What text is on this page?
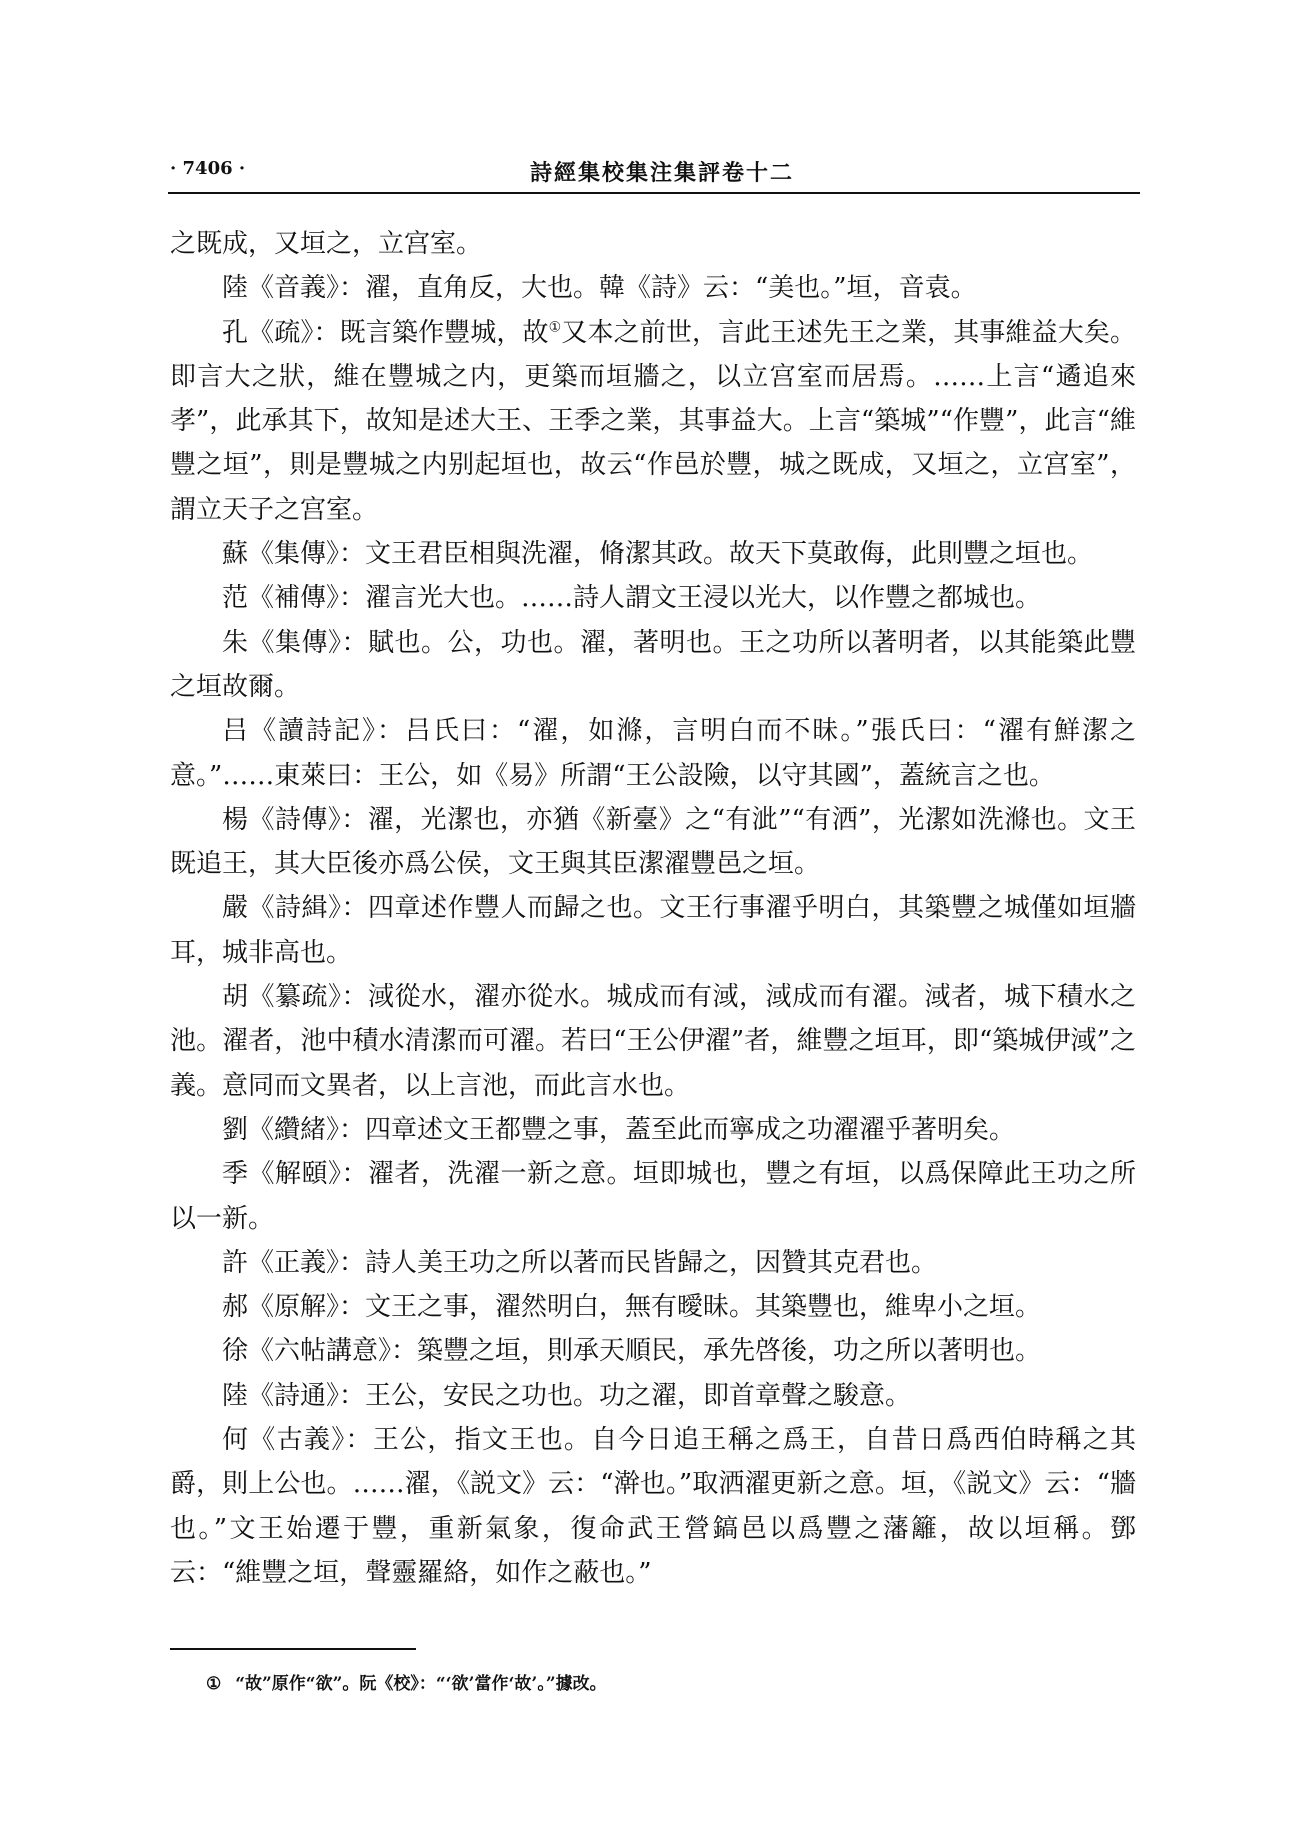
· 7406 ·	詩經集校集注集評卷十二

之既成，又垣之，立宫室。

陸《音義》：濯，直角反，大也。韓《詩》云：“美也。”垣，音袁。

孔《疏》：既言築作豐城，故①又本之前世，言此王述先王之業，其事維益大矣。即言大之狀，維在豐城之内，更築而垣牆之，以立宫室而居焉。……上言“遹追來孝”，此承其下，故知是述大王、王季之業，其事益大。上言“築城”“作豐”，此言“維豐之垣”，則是豐城之内别起垣也，故云“作邑於豐，城之既成，又垣之，立宫室”，謂立天子之宫室。

蘇《集傳》：文王君臣相與洗濯，脩潔其政。故天下莫敢侮，此則豐之垣也。

范《補傳》：濯言光大也。……詩人謂文王浸以光大，以作豐之都城也。

朱《集傳》：賦也。公，功也。濯，著明也。王之功所以著明者，以其能築此豐之垣故爾。

吕《讀詩記》：吕氏曰：“濯，如滌，言明白而不昧。”張氏曰：“濯有鮮潔之意。”……東萊曰：王公，如《易》所謂“王公設險，以守其國”，蓋統言之也。

楊《詩傳》：濯，光潔也，亦猶《新臺》之“有泚”“有洒”，光潔如洗滌也。文王既追王，其大臣後亦爲公侯，文王與其臣潔濯豐邑之垣。

嚴《詩緝》：四章述作豐人而歸之也。文王行事濯乎明白，其築豐之城僅如垣牆耳，城非高也。

胡《纂疏》：淢從水，濯亦從水。城成而有淢，淢成而有濯。淢者，城下積水之池。濯者，池中積水清潔而可濯。若曰“王公伊濯”者，維豐之垣耳，即“築城伊淢”之義。意同而文異者，以上言池，而此言水也。

劉《纘緒》：四章述文王都豐之事，蓋至此而寧成之功濯濯乎著明矣。

季《解頤》：濯者，洗濯一新之意。垣即城也，豐之有垣，以爲保障此王功之所以一新。

許《正義》：詩人美王功之所以著而民皆歸之，因贊其克君也。

郝《原解》：文王之事，濯然明白，無有曖昧。其築豐也，維卑小之垣。

徐《六帖講意》：築豐之垣，則承天順民，承先啓後，功之所以著明也。

陸《詩通》：王公，安民之功也。功之濯，即首章聲之駿意。

何《古義》：王公，指文王也。自今日追王稱之爲王，自昔日爲西伯時稱之其爵，則上公也。……濯，《説文》云：“澣也。”取洒濯更新之意。垣，《説文》云：“牆也。”文王始遷于豐，重新氣象，復命武王營鎬邑以爲豐之藩籬，故以垣稱。鄧云：“維豐之垣，聲靈羅絡，如作之蔽也。”

① “故”原作“欲”。阮《校》：“‘欲’當作‘故’。”據改。
